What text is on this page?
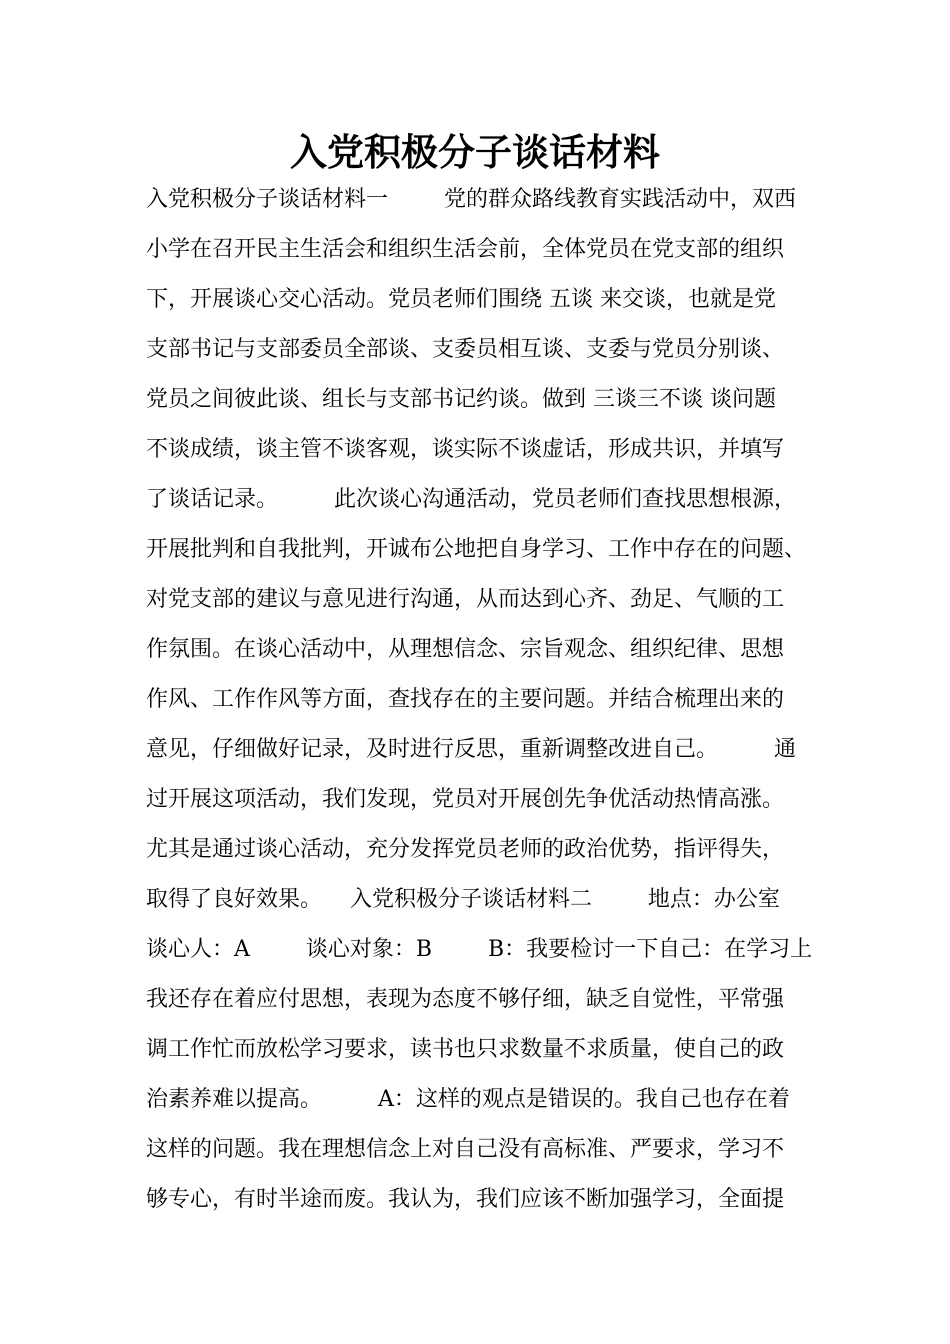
入党积极分子谈话材料
入党积极分子谈话材料一        党的群众路线教育实践活动中，双西
小学在召开民主生活会和组织生活会前，全体党员在党支部的组织
下，开展谈心交心活动。党员老师们围绕 五谈 来交谈，也就是党
支部书记与支部委员全部谈、支委员相互谈、支委与党员分别谈、
党员之间彼此谈、组长与支部书记约谈。做到 三谈三不谈 谈问题
不谈成绩，谈主管不谈客观，谈实际不谈虚话，形成共识，并填写
了谈话记录。        此次谈心沟通活动，党员老师们查找思想根源，
开展批判和自我批判，开诚布公地把自身学习、工作中存在的问题、
对党支部的建议与意见进行沟通，从而达到心齐、劲足、气顺的工
作氛围。在谈心活动中，从理想信念、宗旨观念、组织纪律、思想
作风、工作作风等方面，查找存在的主要问题。并结合梳理出来的
意见，仔细做好记录，及时进行反思，重新调整改进自己。        通
过开展这项活动，我们发现，党员对开展创先争优活动热情高涨。
尤其是通过谈心活动，充分发挥党员老师的政治优势，指评得失，
取得了良好效果。    入党积极分子谈话材料二        地点：办公室
谈心人：A        谈心对象：B        B：我要检讨一下自己：在学习上
我还存在着应付思想，表现为态度不够仔细，缺乏自觉性，平常强
调工作忙而放松学习要求，读书也只求数量不求质量，使自己的政
治素养难以提高。        A：这样的观点是错误的。我自己也存在着
这样的问题。我在理想信念上对自己没有高标准、严要求，学习不
够专心，有时半途而废。我认为，我们应该不断加强学习，全面提
